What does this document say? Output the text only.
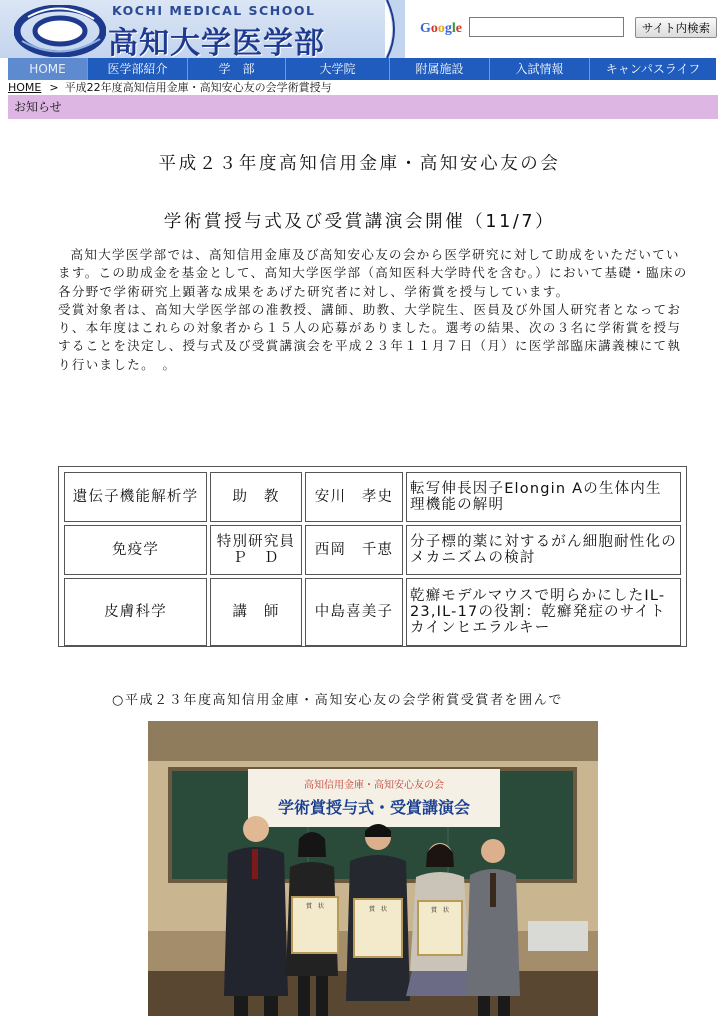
KOCHI MEDICAL SCHOOL
高知大学医学部	Google	サイト内検索
HOME	医学部紹介	学　部	大学院	附属施設	入試情報	キャンパスライフ
HOME > 平成22年度高知信用金庫・高知安心友の会学術賞授与
お知らせ
平成２３年度高知信用金庫・高知安心友の会
学術賞授与式及び受賞講演会開催（11/7）

高知大学医学部では、高知信用金庫及び高知安心友の会から医学研究に対して助成をいただいています。この助成金を基金として、高知大学医学部（高知医科大学時代を含む。）において基礎・臨床の各分野で学術研究上顕著な成果をあげた研究者に対し、学術賞を授与しています。

受賞対象者は、高知大学医学部の准教授、講師、助教、大学院生、医員及び外国人研究者となっており、本年度はこれらの対象者から１５人の応募がありました。選考の結果、次の３名に学術賞を授与することを決定し、授与式及び受賞講演会を平成２３年１１月７日（月）に医学部臨床講義棟にて執り行いました。　。

遺伝子機能解析学	助　教	安川　孝史	転写伸長因子Elongin Aの生体内生理機能の解明
免疫学	特別研究員Ｐ　Ｄ	西岡　千恵	分子標的薬に対するがん細胞耐性化のメカニズムの検討
皮膚科学	講　師	中島喜美子	乾癬モデルマウスで明らかにしたIL-23,IL-17の役割：乾癬発症のサイトカインヒエラルキー
○平成２３年度高知信用金庫・高知安心友の会学術賞受賞者を囲んで
高知信用金庫・高知安心友の会
学術賞授与式・受賞講演会
賞　状	賞　状	賞　状
